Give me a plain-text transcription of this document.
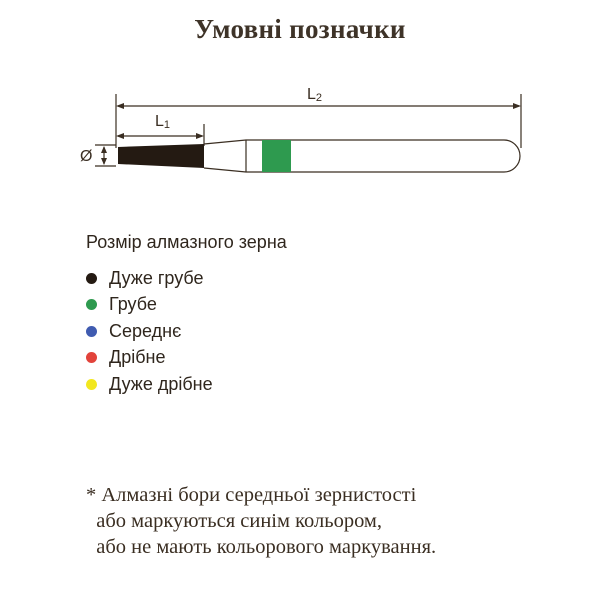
Умовні позначки
L2
L1
Ø
Розмір алмазного зерна
Дуже грубе
Грубе
Середнє
Дрібне
Дуже дрібне
* Алмазні бори середньої зернистості
або маркуються синім кольором,
або не мають кольорового маркування.
